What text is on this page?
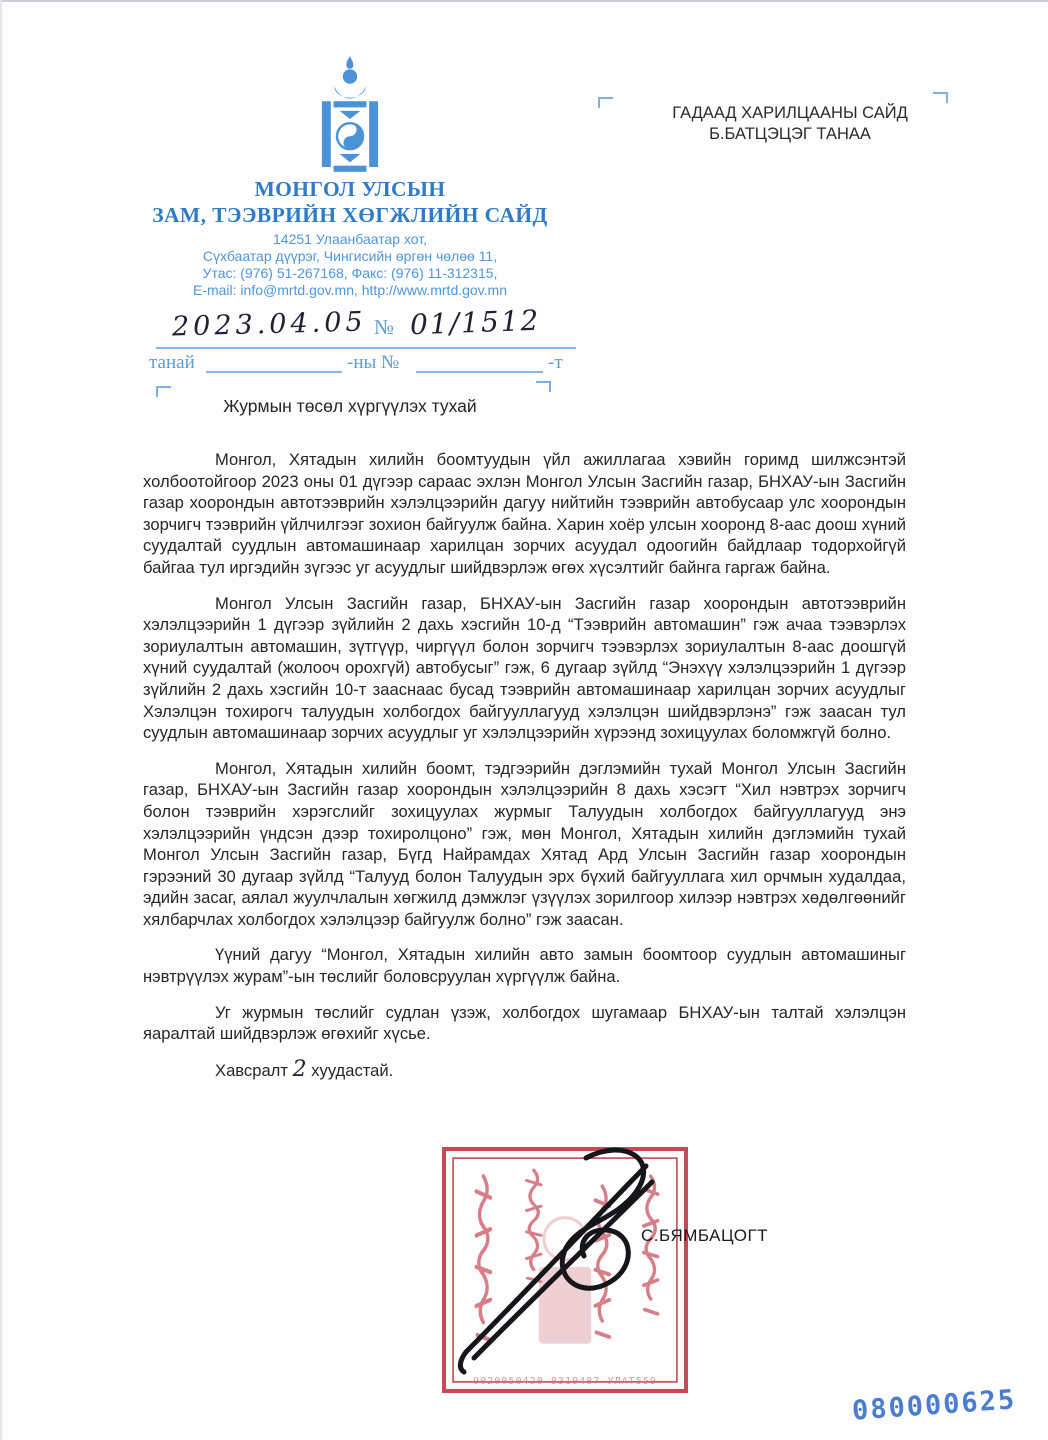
МОНГОЛ УЛСЫН
ЗАМ, ТЭЭВРИЙН ХӨГЖЛИЙН САЙД
14251 Улаанбаатар хот,
Сүхбаатар дүүрэг, Чингисийн өргөн чөлөө 11,
Утас: (976) 51-267168, Факс: (976) 11-312315,
E-mail: info@mrtd.gov.mn, http://www.mrtd.gov.mn
ГАДААД ХАРИЛЦААНЫ САЙД
Б.БАТЦЭЦЭГ ТАНАА
2023.04.05 № 01/1512
танай	-ны №	-т
Журмын төсөл хүргүүлэх тухай

Монгол, Хятадын хилийн боомтуудын үйл ажиллагаа хэвийн горимд шилжсэнтэй холбоотойгоор 2023 оны 01 дүгээр сараас эхлэн Монгол Улсын Засгийн газар, БНХАУ-ын Засгийн газар хоорондын автотээврийн хэлэлцээрийн дагуу нийтийн тээврийн автобусаар улс хоорондын зорчигч тээврийн үйлчилгээг зохион байгуулж байна. Харин хоёр улсын хооронд 8-аас доош хүний суудалтай суудлын автомашинаар харилцан зорчих асуудал одоогийн байдлаар тодорхойгүй байгаа тул иргэдийн зүгээс уг асуудлыг шийдвэрлэж өгөх хүсэлтийг байнга гаргаж байна.

Монгол Улсын Засгийн газар, БНХАУ-ын Засгийн газар хоорондын автотээврийн хэлэлцээрийн 1 дүгээр зүйлийн 2 дахь хэсгийн 10-д “Тээврийн автомашин” гэж ачаа тээвэрлэх зориулалтын автомашин, зүтгүүр, чиргүүл болон зорчигч тээвэрлэх зориулалтын 8-аас доошгүй хүний суудалтай (жолооч орохгүй) автобусыг” гэж, 6 дугаар зүйлд “Энэхүү хэлэлцээрийн 1 дүгээр зүйлийн 2 дахь хэсгийн 10-т зааснаас бусад тээврийн автомашинаар харилцан зорчих асуудлыг Хэлэлцэн тохирогч талуудын холбогдох байгууллагууд хэлэлцэн шийдвэрлэнэ” гэж заасан тул суудлын автомашинаар зорчих асуудлыг уг хэлэлцээрийн хүрээнд зохицуулах боломжгүй болно.

Монгол, Хятадын хилийн боомт, тэдгээрийн дэглэмийн тухай Монгол Улсын Засгийн газар, БНХАУ-ын Засгийн газар хоорондын хэлэлцээрийн 8 дахь хэсэгт “Хил нэвтрэх зорчигч болон тээврийн хэрэгслийг зохицуулах журмыг Талуудын холбогдох байгууллагууд энэ хэлэлцээрийн үндсэн дээр тохиролцоно” гэж, мөн Монгол, Хятадын хилийн дэглэмийн тухай Монгол Улсын Засгийн газар, Бүгд Найрамдах Хятад Ард Улсын Засгийн газар хоорондын гэрээний 30 дугаар зүйлд “Талууд болон Талуудын эрх бүхий байгууллага хил орчмын худалдаа, эдийн засаг, аялал жуулчлалын хөгжилд дэмжлэг үзүүлэх зорилгоор хилээр нэвтрэх хөдөлгөөнийг хялбарчлах холбогдох хэлэлцээр байгуулж болно” гэж заасан.

Үүний дагуу “Монгол, Хятадын хилийн авто замын боомтоор суудлын автомашиныг нэвтрүүлэх журам”-ын төслийг боловсруулан хүргүүлж байна.

Уг журмын төслийг судлан үзэж, холбогдох шугамаар БНХАУ-ын талтай хэлэлцэн яаралтай шийдвэрлэж өгөхийг хүсье.

Хавсралт 2 хуудастай.

9020050420 8319487 УЛАТ559
С.БЯМБАЦОГТ
080000625
